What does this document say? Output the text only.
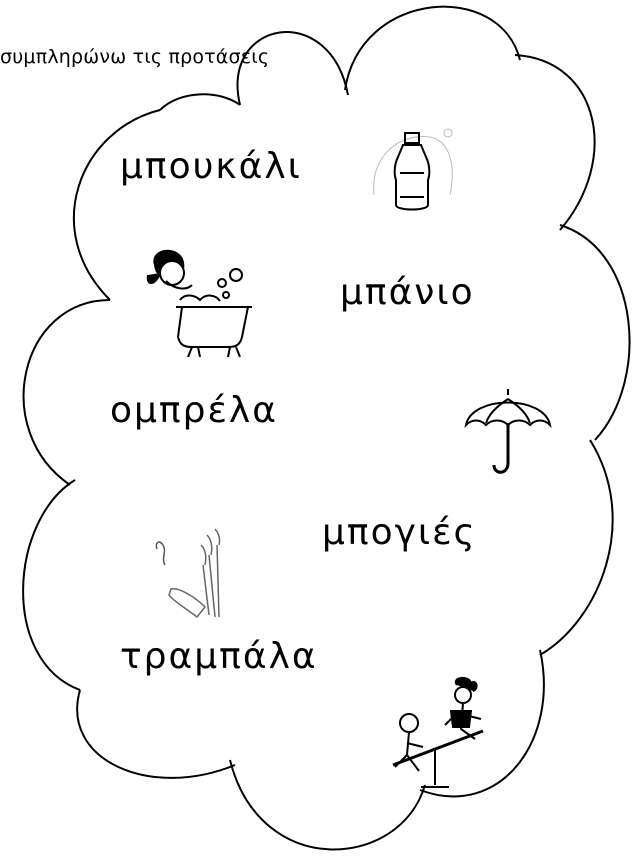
συμπληρώνω τις προτάσεις
μπουκάλι
μπάνιο
ομπρέλα
μπογιές
τραμπάλα
